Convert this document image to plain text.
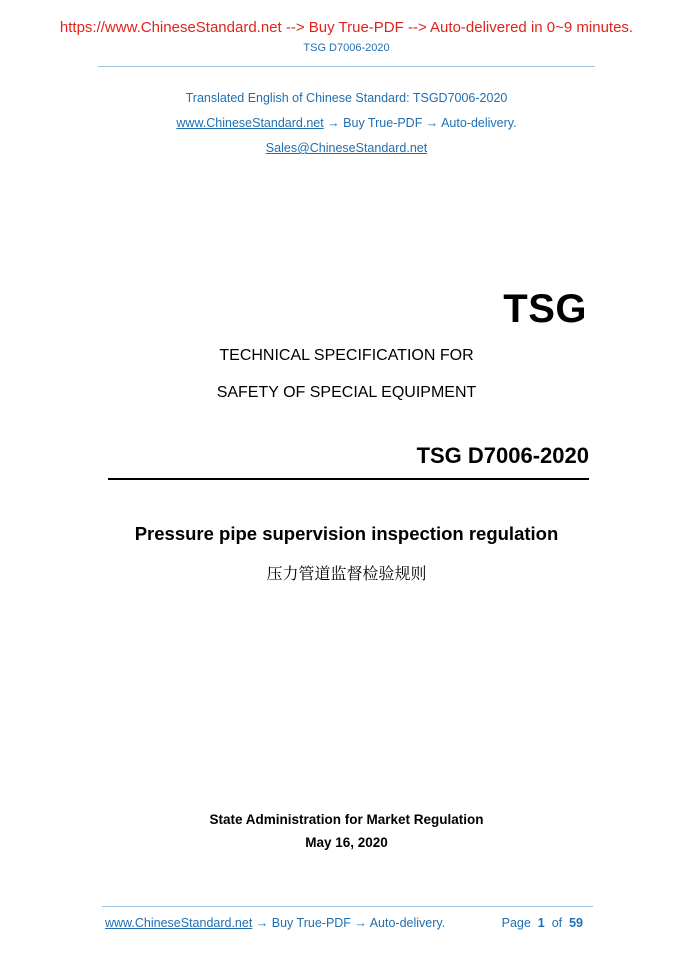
https://www.ChineseStandard.net --> Buy True-PDF --> Auto-delivered in 0~9 minutes.
TSG D7006-2020
Translated English of Chinese Standard: TSGD7006-2020
www.ChineseStandard.net → Buy True-PDF → Auto-delivery.
Sales@ChineseStandard.net
TSG
TECHNICAL SPECIFICATION FOR
SAFETY OF SPECIAL EQUIPMENT
TSG D7006-2020
Pressure pipe supervision inspection regulation
压力管道监督检验规则
State Administration for Market Regulation
May 16, 2020
www.ChineseStandard.net → Buy True-PDF → Auto-delivery.	Page 1 of 59
